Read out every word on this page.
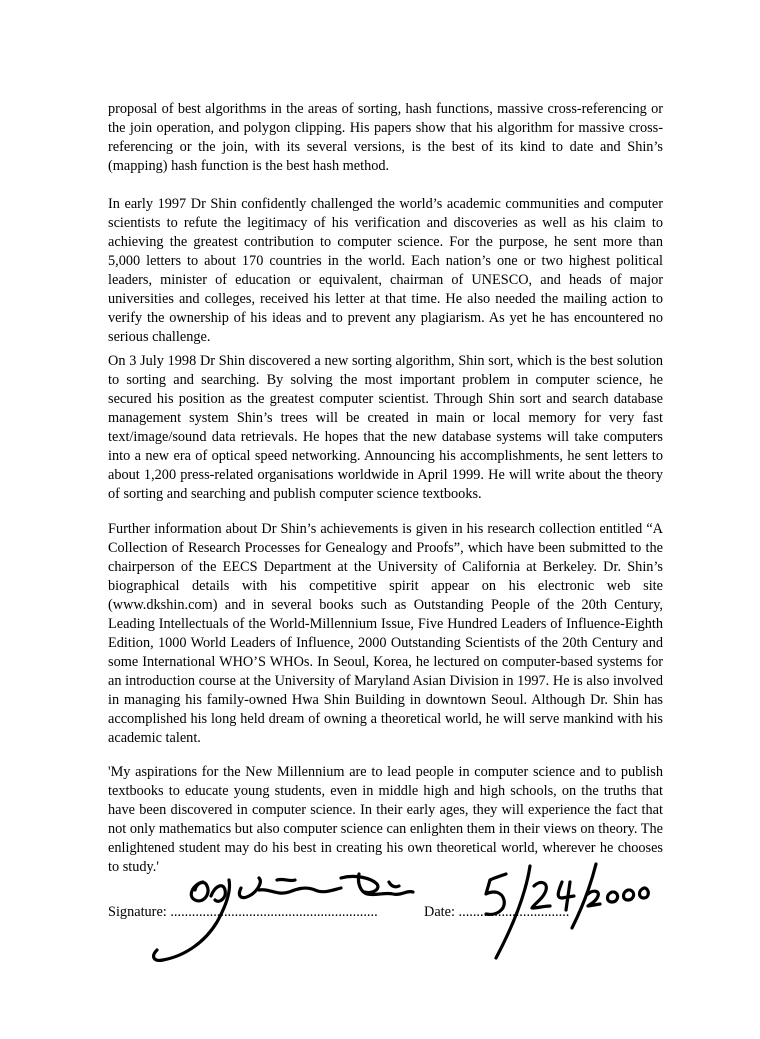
proposal of best algorithms in the areas of sorting, hash functions, massive cross-referencing or the join operation, and polygon clipping. His papers show that his algorithm for massive cross-referencing or the join, with its several versions, is the best of its kind to date and Shin’s (mapping) hash function is the best hash method.

In early 1997 Dr Shin confidently challenged the world’s academic communities and computer scientists to refute the legitimacy of his verification and discoveries as well as his claim to achieving the greatest contribution to computer science. For the purpose, he sent more than 5,000 letters to about 170 countries in the world. Each nation’s one or two highest political leaders, minister of education or equivalent, chairman of UNESCO, and heads of major universities and colleges, received his letter at that time. He also needed the mailing action to verify the ownership of his ideas and to prevent any plagiarism. As yet he has encountered no serious challenge.

On 3 July 1998 Dr Shin discovered a new sorting algorithm, Shin sort, which is the best solution to sorting and searching. By solving the most important problem in computer science, he secured his position as the greatest computer scientist. Through Shin sort and search database management system Shin’s trees will be created in main or local memory for very fast text/image/sound data retrievals. He hopes that the new database systems will take computers into a new era of optical speed networking. Announcing his accomplishments, he sent letters to about 1,200 press-related organisations worldwide in April 1999. He will write about the theory of sorting and searching and publish computer science textbooks.

Further information about Dr Shin’s achievements is given in his research collection entitled “A Collection of Research Processes for Genealogy and Proofs”, which have been submitted to the chairperson of the EECS Department at the University of California at Berkeley. Dr. Shin’s biographical details with his competitive spirit appear on his electronic web site (www.dkshin.com) and in several books such as Outstanding People of the 20th Century, Leading Intellectuals of the World-Millennium Issue, Five Hundred Leaders of Influence-Eighth Edition, 1000 World Leaders of Influence, 2000 Outstanding Scientists of the 20th Century and some International WHO’S WHOs. In Seoul, Korea, he lectured on computer-based systems for an introduction course at the University of Maryland Asian Division in 1997. He is also involved in managing his family-owned Hwa Shin Building in downtown Seoul. Although Dr. Shin has accomplished his long held dream of owning a theoretical world, he will serve mankind with his academic talent.

'My aspirations for the New Millennium are to lead people in computer science and to publish textbooks to educate young students, even in middle high and high schools, on the truths that have been discovered in computer science. In their early ages, they will experience the fact that not only mathematics but also computer science can enlighten them in their views on theory. The enlightened student may do his best in creating his own theoretical world, wherever he chooses to study.'

Signature: ..........................................................	Date: ...............................
